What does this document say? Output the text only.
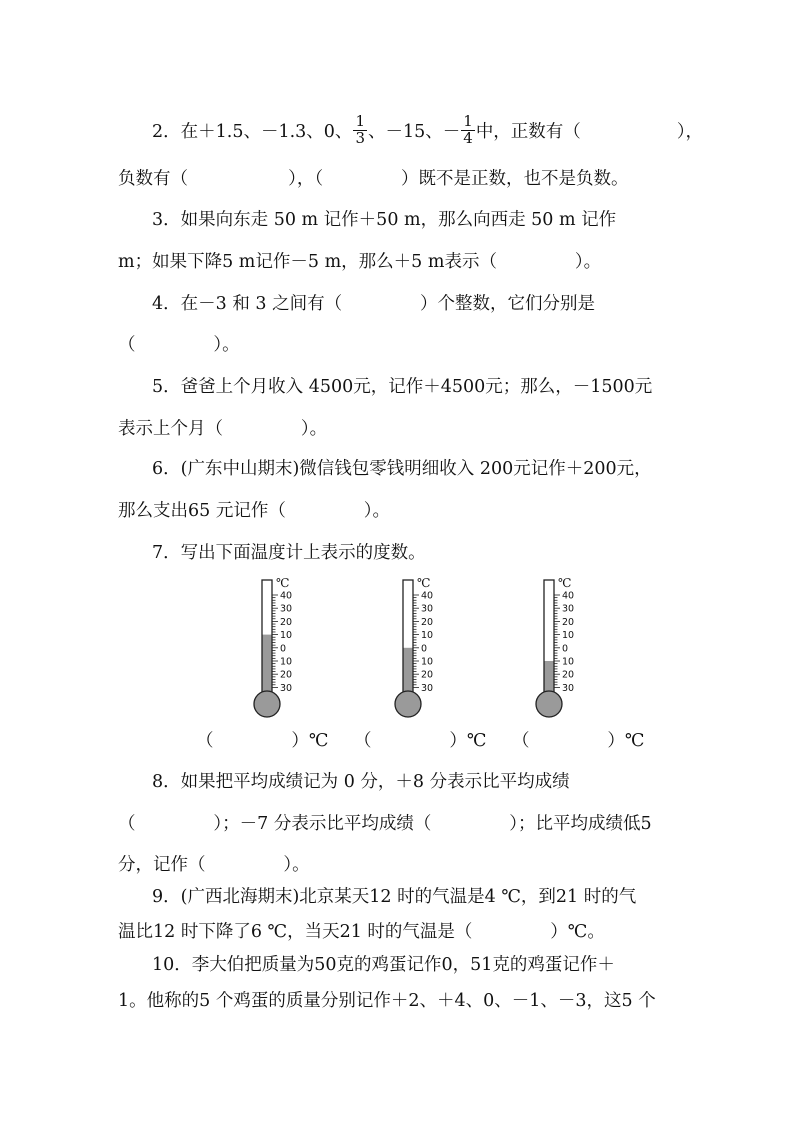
2．在＋1.5、－1.3、0、 $\frac{1}{3}$ 、－15、－ $\frac{1}{4}$ 中，正数有（	），
负数有（                  ），（              ）既不是正数，也不是负数。
3．如果向东走 50 m 记作＋50 m，那么向西走 50 m 记作
m；如果下降5 m记作－5 m，那么＋5 m表示（              ）。
4．在－3 和 3 之间有（              ）个整数，它们分别是
（              ）。
5．爸爸上个月收入 4500元，记作＋4500元；那么，－1500元
表示上个月（              ）。
6．(广东中山期末)微信钱包零钱明细收入 200元记作＋200元，
那么支出65 元记作（              ）。
7．写出下面温度计上表示的度数。
℃
40
30
20
10
0
10
20
30
℃
40
30
20
10
0
10
20
30
℃
40
30
20
10
0
10
20
30
（              ）℃ （              ）℃ （              ）℃
8．如果把平均成绩记为 0 分，＋8 分表示比平均成绩
（              ）；－7 分表示比平均成绩（              ）；比平均成绩低5
分，记作（              ）。
9．(广西北海期末)北京某天12 时的气温是4 ℃，到21 时的气
温比12 时下降了6 ℃，当天21 时的气温是（              ）℃。
10．李大伯把质量为50克的鸡蛋记作0，51克的鸡蛋记作＋
1。他称的5 个鸡蛋的质量分别记作＋2、＋4、0、－1、－3，这5 个
